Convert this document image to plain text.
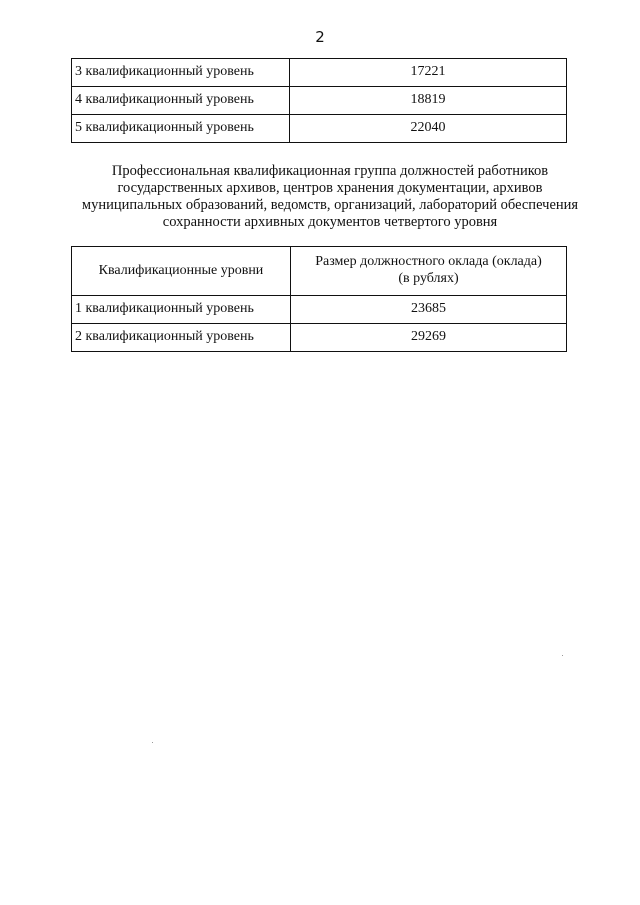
2
3 квалификационный уровень	17221
4 квалификационный уровень	18819
5 квалификационный уровень	22040
Профессиональная квалификационная группа должностей работников
государственных архивов, центров хранения документации, архивов
муниципальных образований, ведомств, организаций, лабораторий обеспечения
сохранности архивных документов четвертого уровня
Квалификационные уровни	Размер должностного оклада (оклада)
(в рублях)
1 квалификационный уровень	23685
2 квалификационный уровень	29269
